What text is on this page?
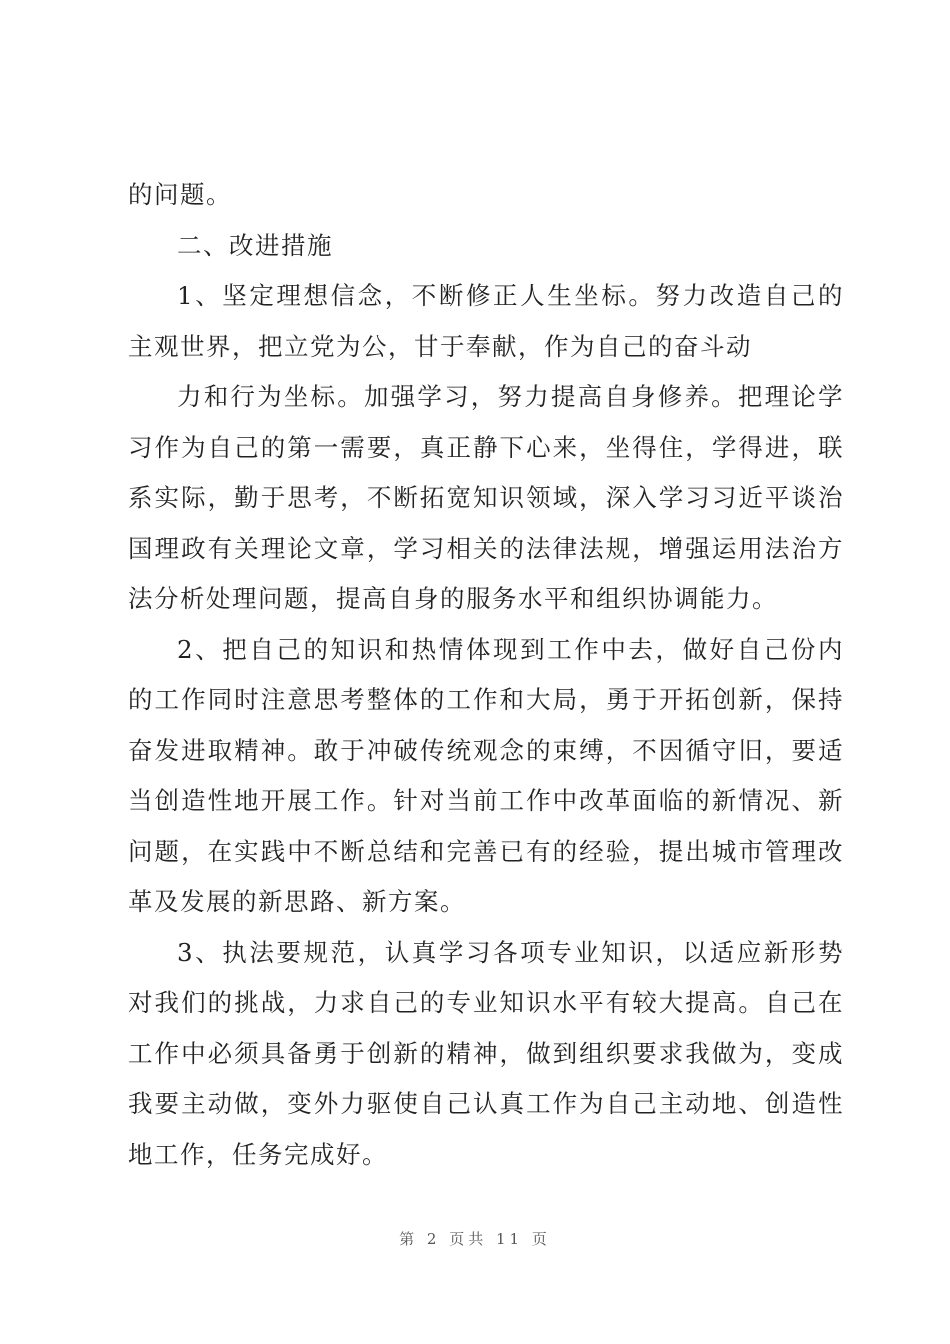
的问题。

二、改进措施

1、坚定理想信念，不断修正人生坐标。努力改造自己的主观世界，把立党为公，甘于奉献，作为自己的奋斗动

力和行为坐标。加强学习，努力提高自身修养。把理论学习作为自己的第一需要，真正静下心来，坐得住，学得进，联系实际，勤于思考，不断拓宽知识领域，深入学习习近平谈治国理政有关理论文章，学习相关的法律法规，增强运用法治方法分析处理问题，提高自身的服务水平和组织协调能力。

2、把自己的知识和热情体现到工作中去，做好自己份内的工作同时注意思考整体的工作和大局，勇于开拓创新，保持奋发进取精神。敢于冲破传统观念的束缚，不因循守旧，要适当创造性地开展工作。针对当前工作中改革面临的新情况、新问题，在实践中不断总结和完善已有的经验，提出城市管理改革及发展的新思路、新方案。

3、执法要规范，认真学习各项专业知识，以适应新形势对我们的挑战，力求自己的专业知识水平有较大提高。自己在工作中必须具备勇于创新的精神，做到组织要求我做为，变成我要主动做，变外力驱使自己认真工作为自己主动地、创造性地工作，任务完成好。

第 2 页共 11 页
